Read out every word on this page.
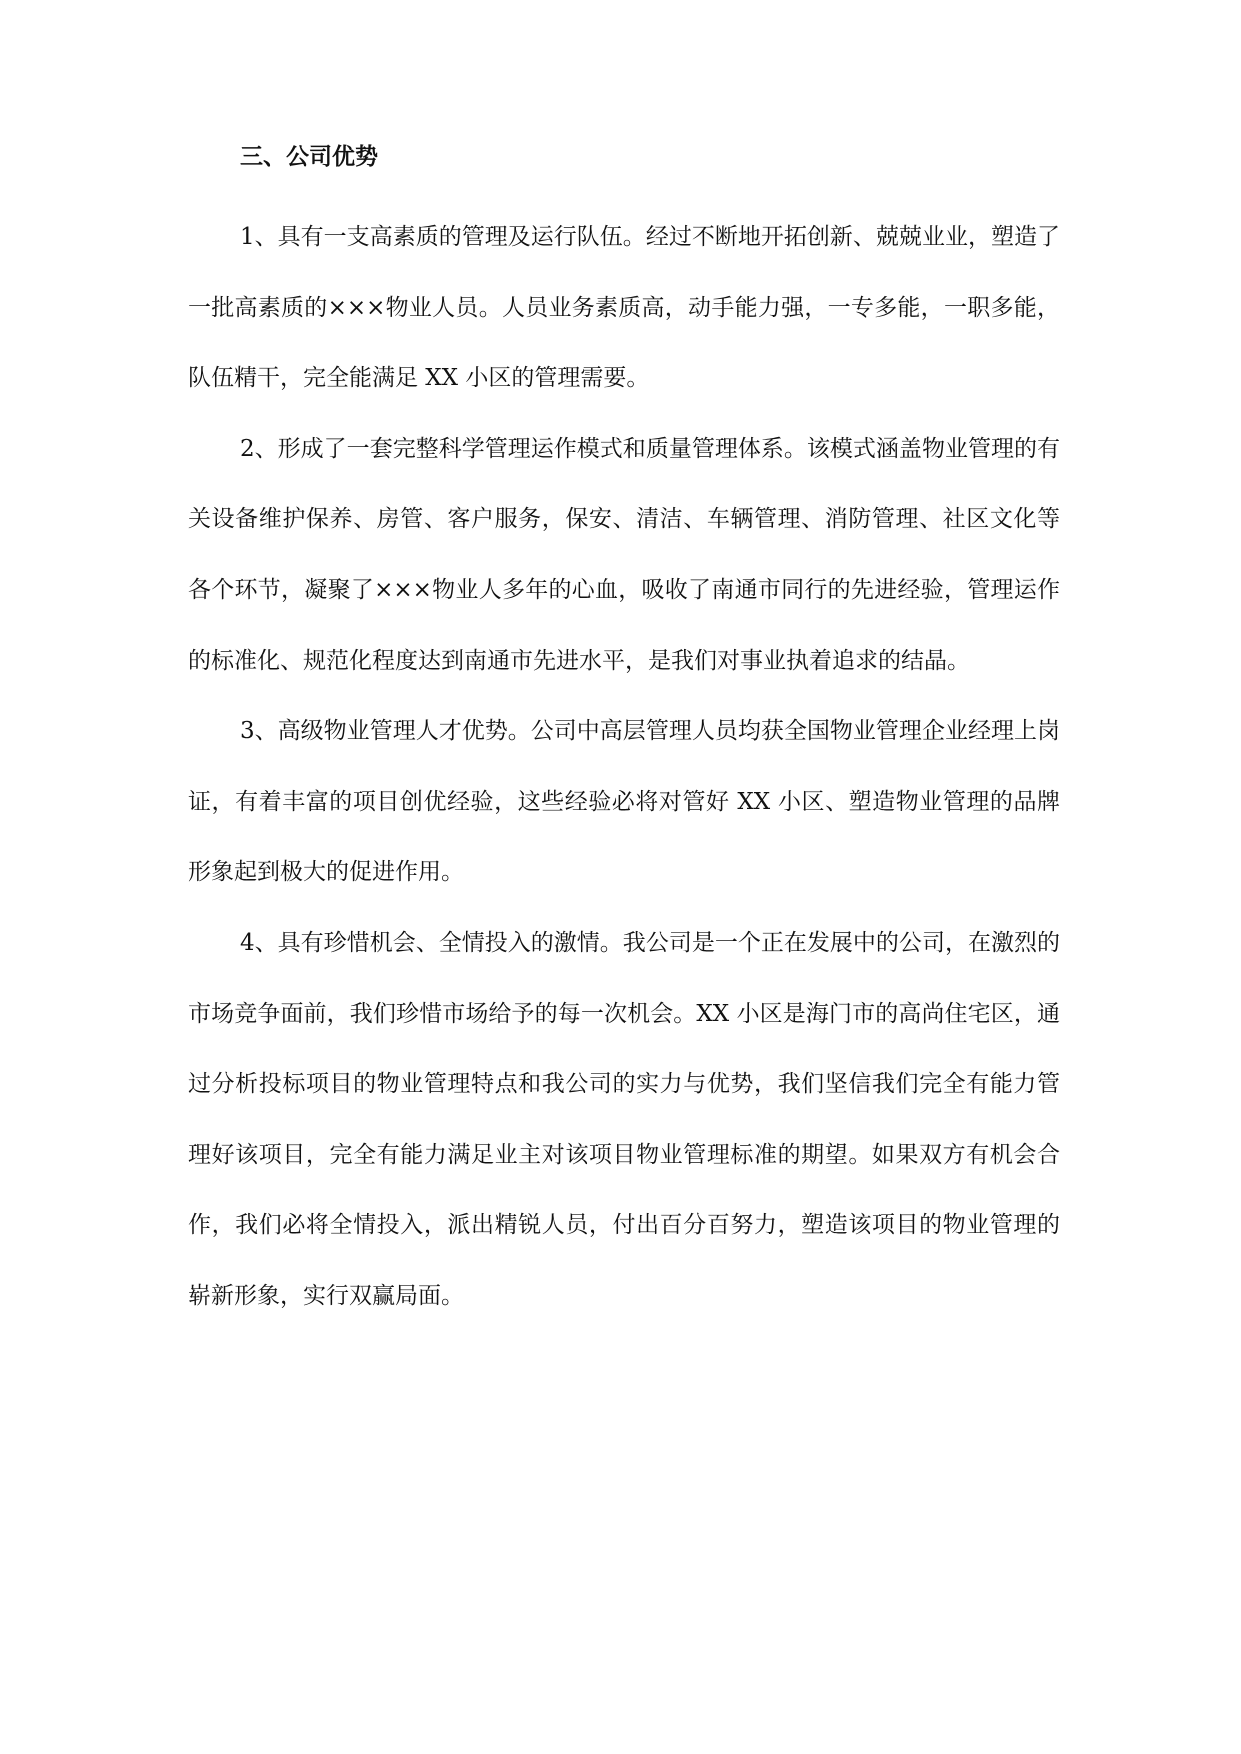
三、公司优势

1、具有一支高素质的管理及运行队伍。经过不断地开拓创新、兢兢业业，塑造了一批高素质的×××物业人员。人员业务素质高，动手能力强，一专多能，一职多能，队伍精干，完全能满足 XX 小区的管理需要。

2、形成了一套完整科学管理运作模式和质量管理体系。该模式涵盖物业管理的有关设备维护保养、房管、客户服务，保安、清洁、车辆管理、消防管理、社区文化等各个环节，凝聚了×××物业人多年的心血，吸收了南通市同行的先进经验，管理运作的标准化、规范化程度达到南通市先进水平，是我们对事业执着追求的结晶。

3、高级物业管理人才优势。公司中高层管理人员均获全国物业管理企业经理上岗证，有着丰富的项目创优经验，这些经验必将对管好 XX 小区、塑造物业管理的品牌形象起到极大的促进作用。

4、具有珍惜机会、全情投入的激情。我公司是一个正在发展中的公司，在激烈的市场竞争面前，我们珍惜市场给予的每一次机会。XX 小区是海门市的高尚住宅区，通过分析投标项目的物业管理特点和我公司的实力与优势，我们坚信我们完全有能力管理好该项目，完全有能力满足业主对该项目物业管理标准的期望。如果双方有机会合作，我们必将全情投入，派出精锐人员，付出百分百努力，塑造该项目的物业管理的崭新形象，实行双赢局面。
